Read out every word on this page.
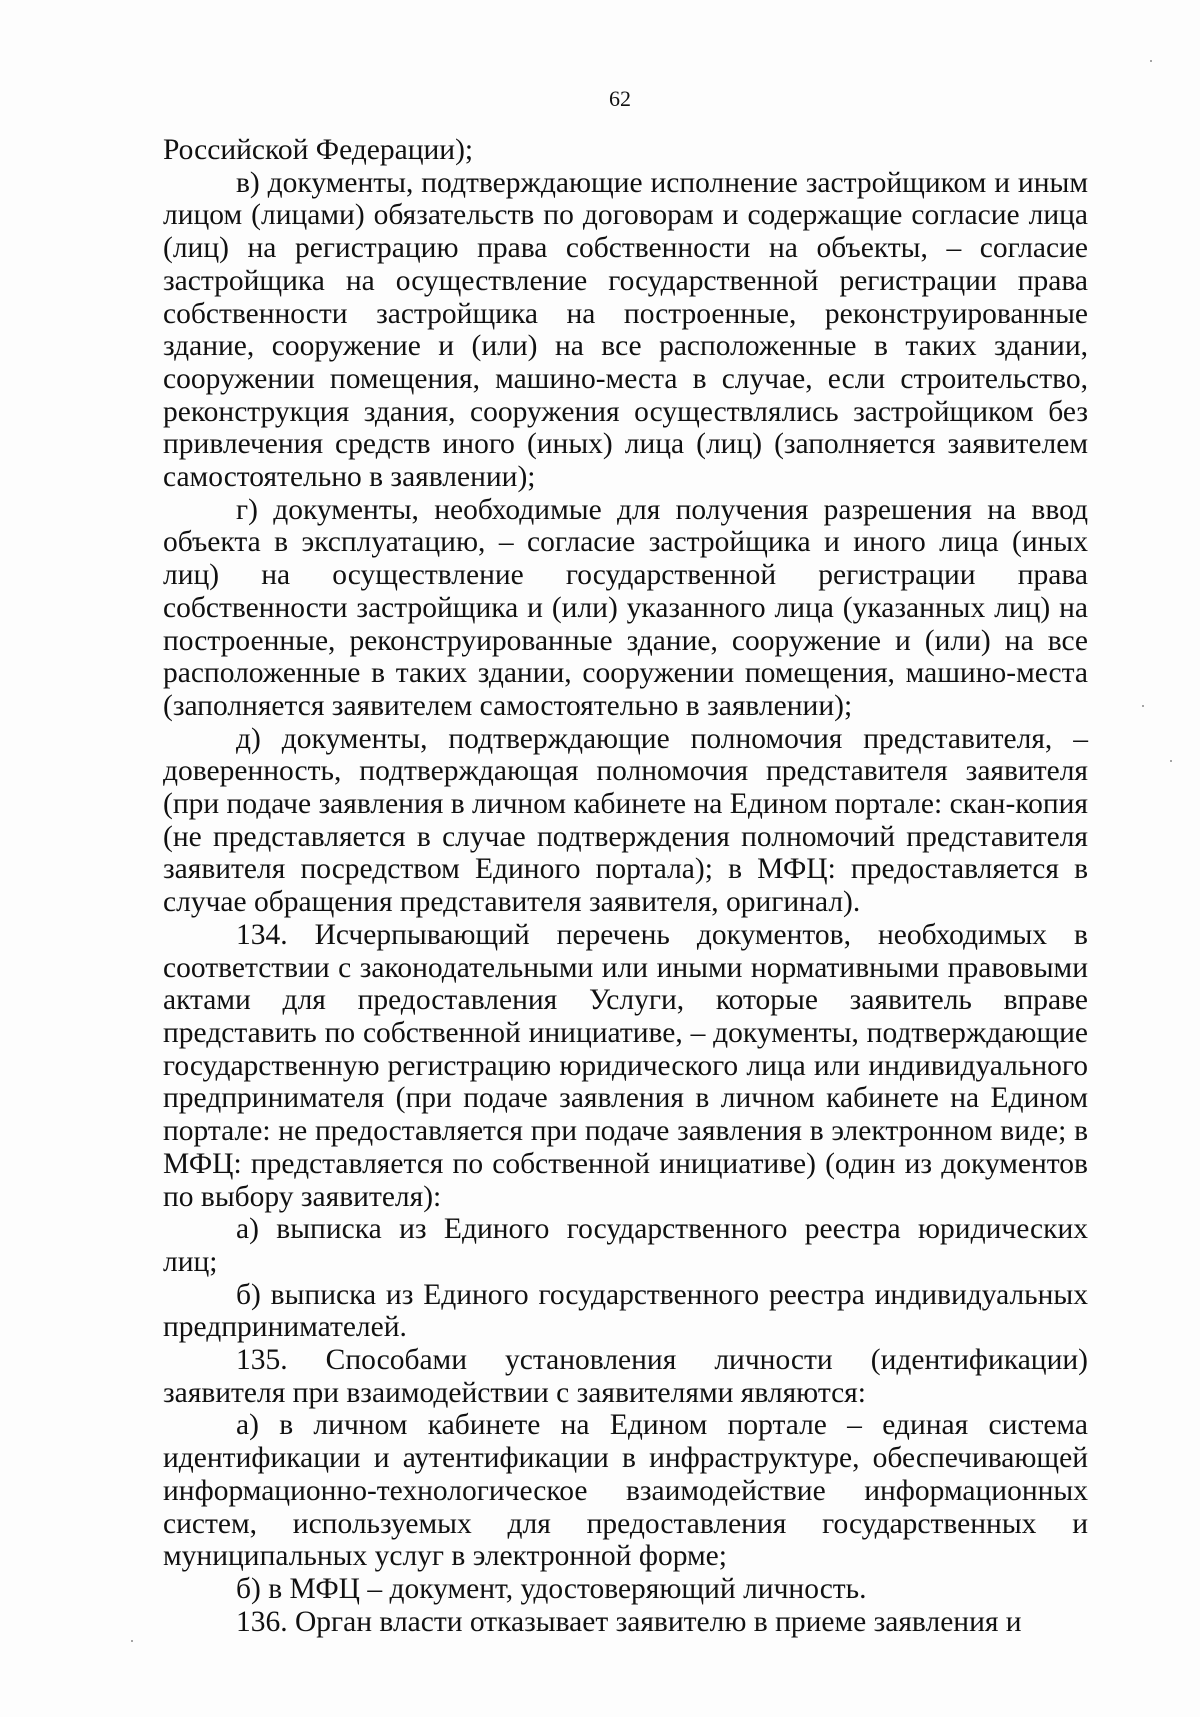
62

Российской Федерации);

в) документы, подтверждающие исполнение застройщиком и иным лицом (лицами) обязательств по договорам и содержащие согласие лица (лиц) на регистрацию права собственности на объекты, – согласие застройщика на осуществление государственной регистрации права собственности застройщика на построенные, реконструированные здание, сооружение и (или) на все расположенные в таких здании, сооружении помещения, машино-места в случае, если строительство, реконструкция здания, сооружения осуществлялись застройщиком без привлечения средств иного (иных) лица (лиц) (заполняется заявителем самостоятельно в заявлении);

г) документы, необходимые для получения разрешения на ввод объекта в эксплуатацию, – согласие застройщика и иного лица (иных лиц) на осуществление государственной регистрации права собственности застройщика и (или) указанного лица (указанных лиц) на построенные, реконструированные здание, сооружение и (или) на все расположенные в таких здании, сооружении помещения, машино-места (заполняется заявителем самостоятельно в заявлении);

д) документы, подтверждающие полномочия представителя, – доверенность, подтверждающая полномочия представителя заявителя (при подаче заявления в личном кабинете на Едином портале: скан-копия (не представляется в случае подтверждения полномочий представителя заявителя посредством Единого портала); в МФЦ: предоставляется в случае обращения представителя заявителя, оригинал).

134. Исчерпывающий перечень документов, необходимых в соответствии с законодательными или иными нормативными правовыми актами для предоставления Услуги, которые заявитель вправе представить по собственной инициативе, – документы, подтверждающие государственную регистрацию юридического лица или индивидуального предпринимателя (при подаче заявления в личном кабинете на Едином портале: не предоставляется при подаче заявления в электронном виде; в МФЦ: представляется по собственной инициативе) (один из документов по выбору заявителя):

а) выписка из Единого государственного реестра юридических лиц;

б) выписка из Единого государственного реестра индивидуальных предпринимателей.

135. Способами установления личности (идентификации) заявителя при взаимодействии с заявителями являются:

а) в личном кабинете на Едином портале – единая система идентификации и аутентификации в инфраструктуре, обеспечивающей информационно-технологическое взаимодействие информационных систем, используемых для предоставления государственных и муниципальных услуг в электронной форме;

б) в МФЦ – документ, удостоверяющий личность.

136. Орган власти отказывает заявителю в приеме заявления и
